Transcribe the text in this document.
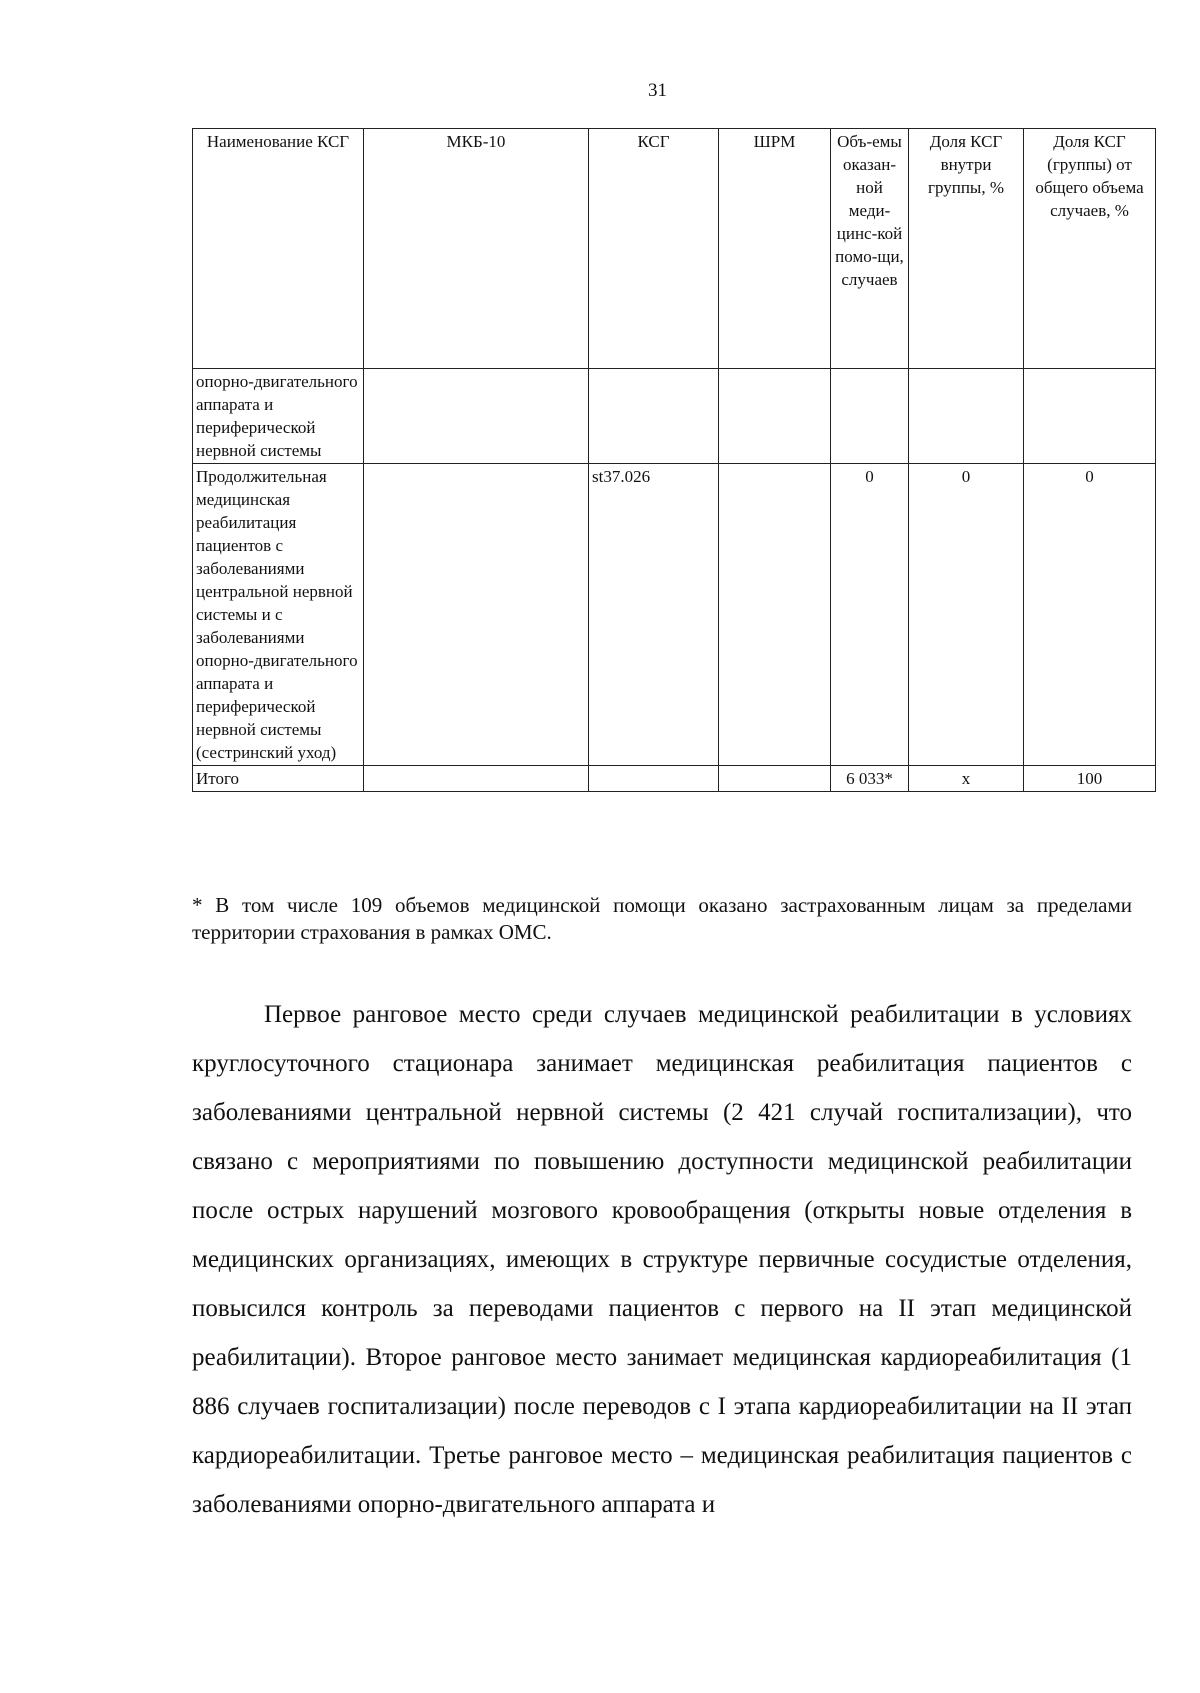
31
Наименование КСГ	МКБ-10	КСГ	ШРМ	Объ-емы оказан-ной меди-цинс-кой помо-щи, случаев	Доля КСГ внутри группы, %	Доля КСГ (группы) от общего объема случаев, %
опорно-двигательного аппарата и периферической нервной системы						
Продолжительная медицинская реабилитация пациентов с заболеваниями центральной нервной системы и с заболеваниями опорно-двигательного аппарата и периферической нервной системы (сестринский уход)		st37.026		0	0	0
Итого				6 033*	х	100
* В том числе 109 объемов медицинской помощи оказано застрахованным лицам за пределами территории страхования в рамках ОМС.

Первое ранговое место среди случаев медицинской реабилитации в условиях круглосуточного стационара занимает медицинская реабилитация пациентов с заболеваниями центральной нервной системы (2 421 случай госпитализации), что связано с мероприятиями по повышению доступности медицинской реабилитации после острых нарушений мозгового кровообращения (открыты новые отделения в медицинских организациях, имеющих в структуре первичные сосудистые отделения, повысился контроль за переводами пациентов с первого на II этап медицинской реабилитации). Второе ранговое место занимает медицинская кардиореабилитация (1 886 случаев госпитализации) после переводов с I этапа кардиореабилитации на II этап кардиореабилитации. Третье ранговое место – медицинская реабилитация пациентов с заболеваниями опорно-двигательного аппарата и
